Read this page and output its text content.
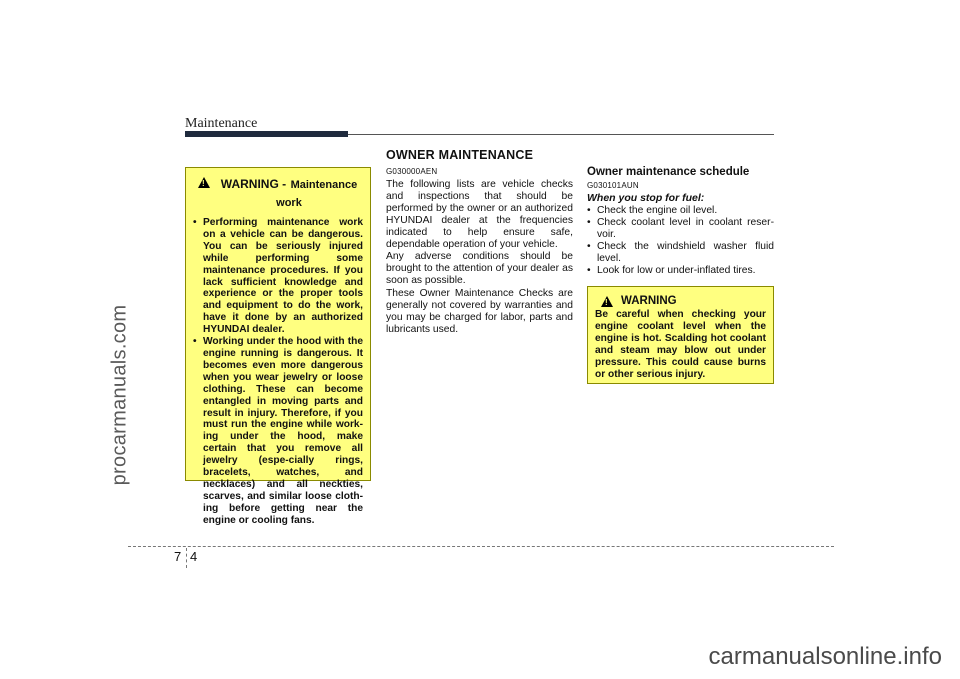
procarmanuals.com
Maintenance
OWNER MAINTENANCE
!	WARNING - Maintenance
work
• Performing maintenance work on a vehicle can be dangerous. You can be seriously injured while performing some maintenance procedures. If you lack sufficient knowledge and experience or the proper tools and equipment to do the work, have it done by an authorized HYUNDAI dealer.
• Working under the hood with the engine running is dangerous. It becomes even more dangerous when you wear jewelry or loose clothing. These can become entangled in moving parts and result in injury. Therefore, if you must run the engine while work-ing under the hood, make certain that you remove all jewelry (espe-cially rings, bracelets, watches, and necklaces) and all neckties, scarves, and similar loose cloth-ing before getting near the engine or cooling fans.
G030000AEN
The following lists are vehicle checks and inspections that should be performed by the owner or an authorized HYUNDAI dealer at the frequencies indicated to help ensure safe, dependable operation of your vehicle.
Any adverse conditions should be brought to the attention of your dealer as soon as possible.
These Owner Maintenance Checks are generally not covered by warranties and you may be charged for labor, parts and lubricants used.
Owner maintenance schedule
G030101AUN
When you stop for fuel:
• Check the engine oil level.
• Check coolant level in coolant reser-voir.
• Check the windshield washer fluid level.
• Look for low or under-inflated tires.
! WARNING
Be careful when checking your engine coolant level when the engine is hot. Scalding hot coolant and steam may blow out under pressure. This could cause burns or other serious injury.
7 4
carmanualsonline.info
